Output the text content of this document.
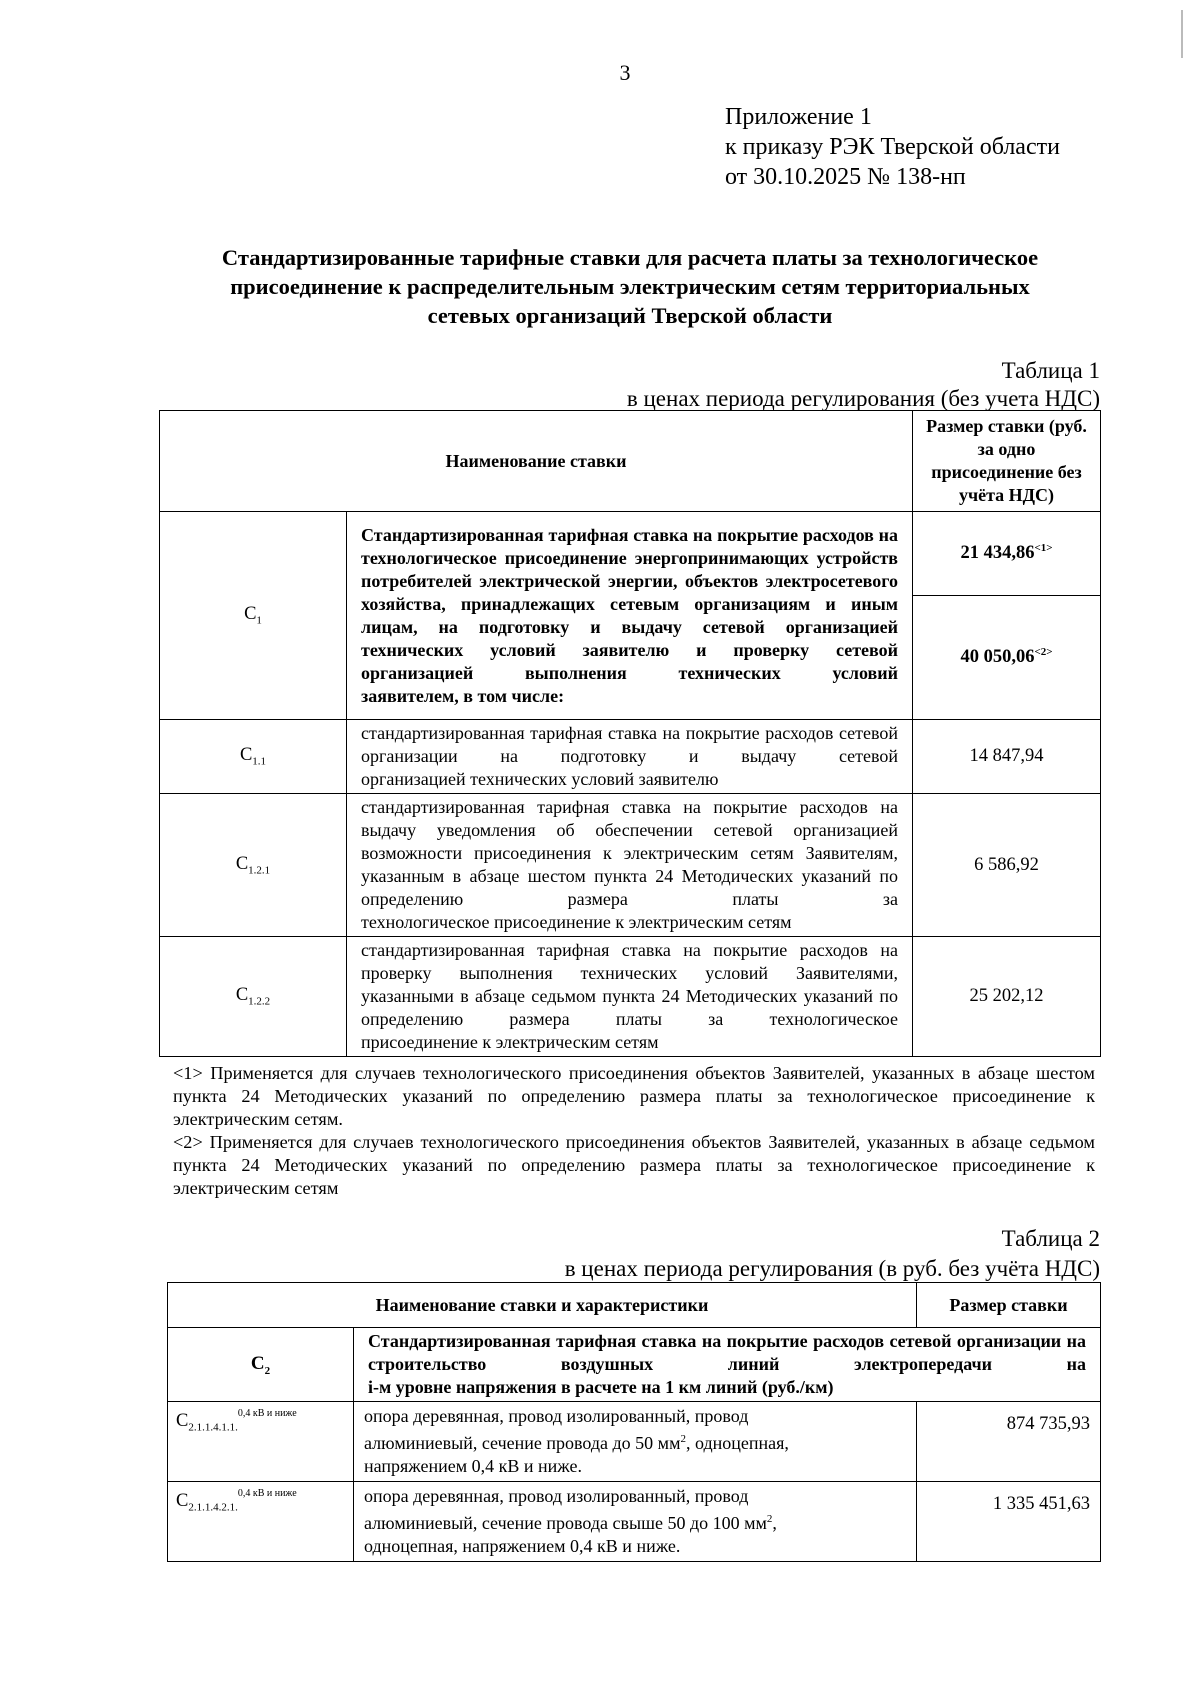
3
Приложение 1
к приказу РЭК Тверской области
от 30.10.2025 № 138-нп
Стандартизированные тарифные ставки для расчета платы за технологическое
присоединение к распределительным электрическим сетям территориальных
сетевых организаций Тверской области
Таблица 1
в ценах периода регулирования (без учета НДС)
Наименование ставки		Размер ставки (руб. за одно присоединение без учёта НДС)
$С_1$	Стандартизированная тарифная ставка на покрытие расходов на технологическое присоединение энергопринимающих устройств потребителей электрической энергии, объектов электросетевого хозяйства, принадлежащих сетевым организациям и иным лицам, на подготовку и выдачу сетевой организацией технических условий заявителю и проверку сетевой организацией выполнения технических условий
заявителем, в том числе:	21 $434,86^{<1>}$
		40 $050,06^{<2>}$
$С_{1.1}$	стандартизированная тарифная ставка на покрытие расходов сетевой организации на подготовку и выдачу сетевой
организацией технических условий заявителю	14 847,94
$С_{1.2.1}$	стандартизированная тарифная ставка на покрытие расходов на выдачу уведомления об обеспечении сетевой организацией возможности присоединения к электрическим сетям Заявителям, указанным в абзаце шестом пункта 24 Методических указаний по определению размера платы за
технологическое присоединение к электрическим сетям	6 586,92
$С_{1.2.2}$	стандартизированная тарифная ставка на покрытие расходов на проверку выполнения технических условий Заявителями, указанными в абзаце седьмом пункта 24 Методических указаний по определению размера платы за технологическое
присоединение к электрическим сетям	25 202,12

<1> Применяется для случаев технологического присоединения объектов Заявителей, указанных в абзаце шестом пункта 24 Методических указаний по определению размера платы за технологическое присоединение к электрическим сетям.

<2> Применяется для случаев технологического присоединения объектов Заявителей, указанных в абзаце седьмом пункта 24 Методических указаний по определению размера платы за технологическое присоединение к электрическим сетям

Таблица 2
в ценах периода регулирования (в руб. без учёта НДС)
Наименование ставки и характеристики		Размер ставки
$С_2$	Стандартизированная тарифная ставка на покрытие расходов сетевой организации на строительство воздушных линий электропередачи на
i-м уровне напряжения в расчете на 1 км линий (руб./км)	

$С_{2.1.1.4.1.1.}^{0,4 кВ и ниже}$	опора деревянная, провод изолированный, провод
алюминиевый, сечение провода до 50 $мм^2$, одноцепная,
напряжением 0,4 кВ и ниже.	874 735,93
$С_{2.1.1.4.2.1.}^{0,4 кВ и ниже}$	опора деревянная, провод изолированный, провод
алюминиевый, сечение провода свыше 50 до 100 $мм^2$,
одноцепная, напряжением 0,4 кВ и ниже.	1 335 451,63
